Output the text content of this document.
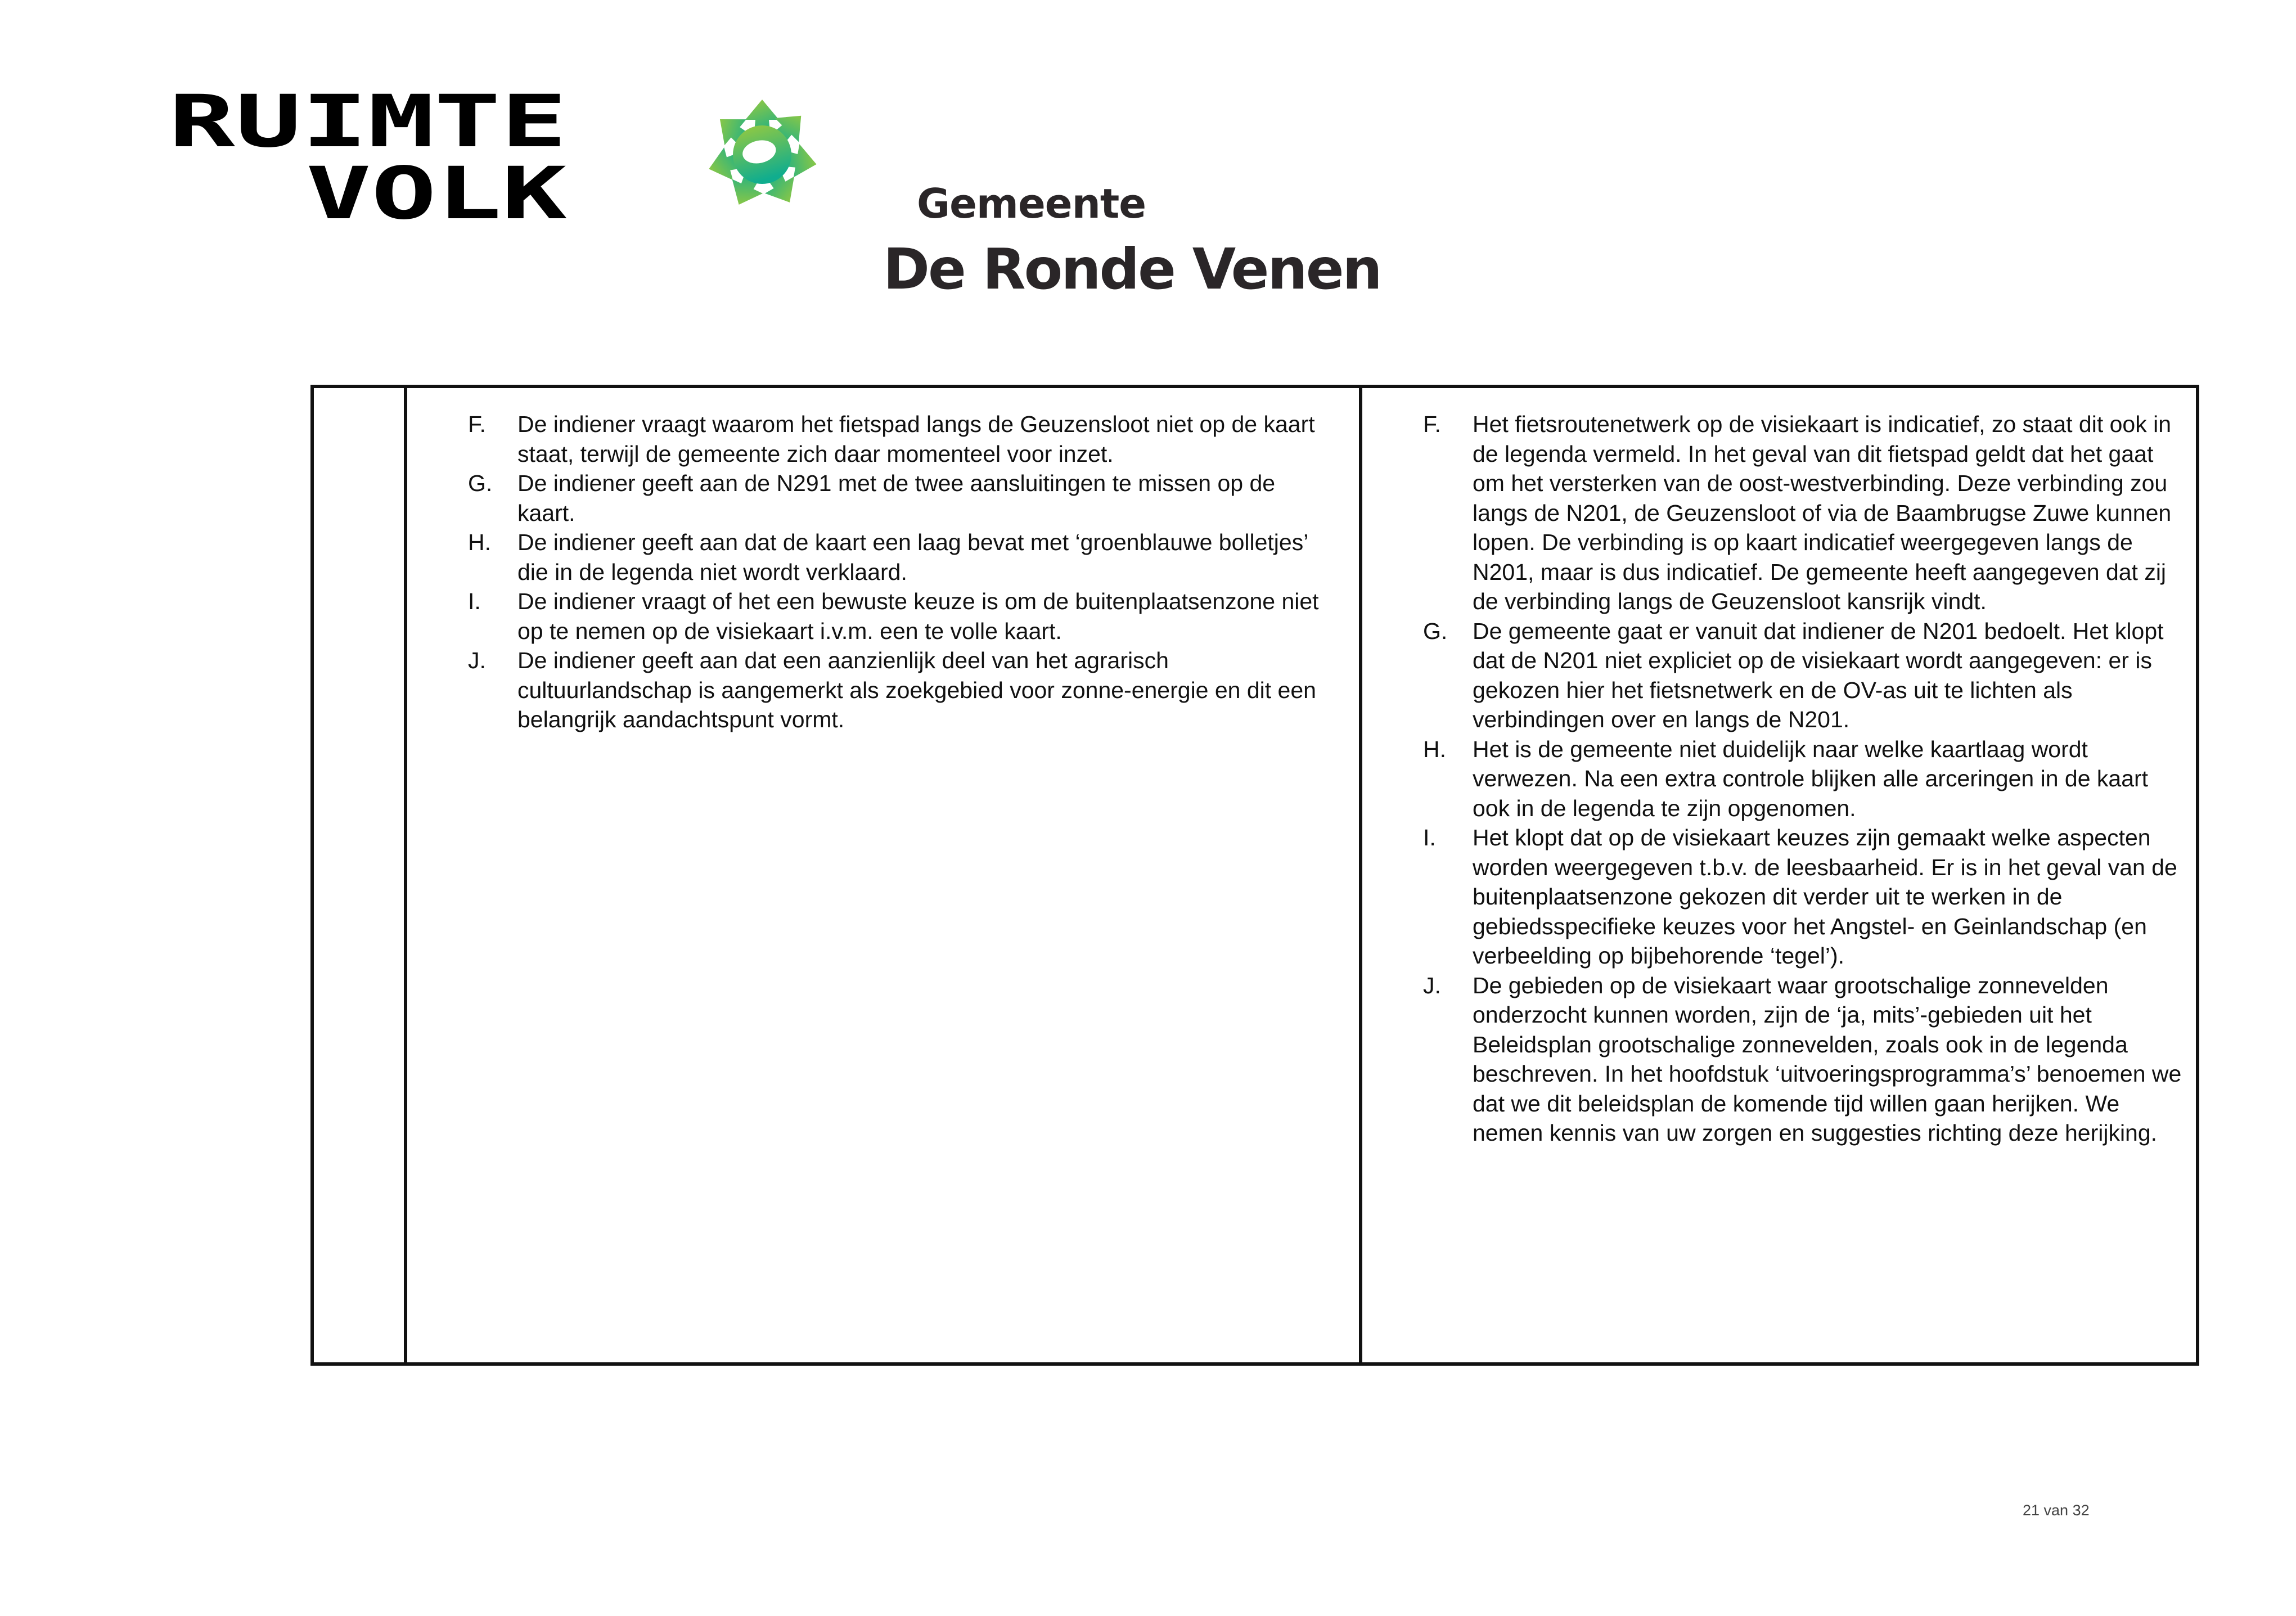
RUIMTE
VOLK	Gemeente

De Ronde Venen

F.	De indiener vraagt waarom het fietspad langs de Geuzensloot niet op de kaart staat, terwijl de gemeente zich daar momenteel voor inzet.
G.	De indiener geeft aan de N291 met de twee aansluitingen te missen op de kaart.
H.	De indiener geeft aan dat de kaart een laag bevat met ‘groenblauwe bolletjes’ die in de legenda niet wordt verklaard.
I.	De indiener vraagt of het een bewuste keuze is om de buitenplaatsenzone niet op te nemen op de visiekaart i.v.m. een te volle kaart.
J.	De indiener geeft aan dat een aanzienlijk deel van het agrarisch cultuurlandschap is aangemerkt als zoekgebied voor zonne-energie en dit een belangrijk aandachtspunt vormt.
F.	Het fietsroutenetwerk op de visiekaart is indicatief, zo staat dit ook in de legenda vermeld. In het geval van dit fietspad geldt dat het gaat om het versterken van de oost-westverbinding. Deze verbinding zou langs de N201, de Geuzensloot of via de Baambrugse Zuwe kunnen lopen. De verbinding is op kaart indicatief weergegeven langs de N201, maar is dus indicatief. De gemeente heeft aangegeven dat zij de verbinding langs de Geuzensloot kansrijk vindt.
G.	De gemeente gaat er vanuit dat indiener de N201 bedoelt. Het klopt dat de N201 niet expliciet op de visiekaart wordt aangegeven: er is gekozen hier het fietsnetwerk en de OV-as uit te lichten als verbindingen over en langs de N201.
H.	Het is de gemeente niet duidelijk naar welke kaartlaag wordt verwezen. Na een extra controle blijken alle arceringen in de kaart ook in de legenda te zijn opgenomen.
I.	Het klopt dat op de visiekaart keuzes zijn gemaakt welke aspecten worden weergegeven t.b.v. de leesbaarheid. Er is in het geval van de buitenplaatsenzone gekozen dit verder uit te werken in de gebiedsspecifieke keuzes voor het Angstel- en Geinlandschap (en verbeelding op bijbehorende ‘tegel’).
J.	De gebieden op de visiekaart waar grootschalige zonnevelden onderzocht kunnen worden, zijn de ‘ja, mits’-gebieden uit het Beleidsplan grootschalige zonnevelden, zoals ook in de legenda beschreven. In het hoofdstuk ‘uitvoeringsprogramma’s’ benoemen we dat we dit beleidsplan de komende tijd willen gaan herijken. We nemen kennis van uw zorgen en suggesties richting deze herijking.

21 van 32
